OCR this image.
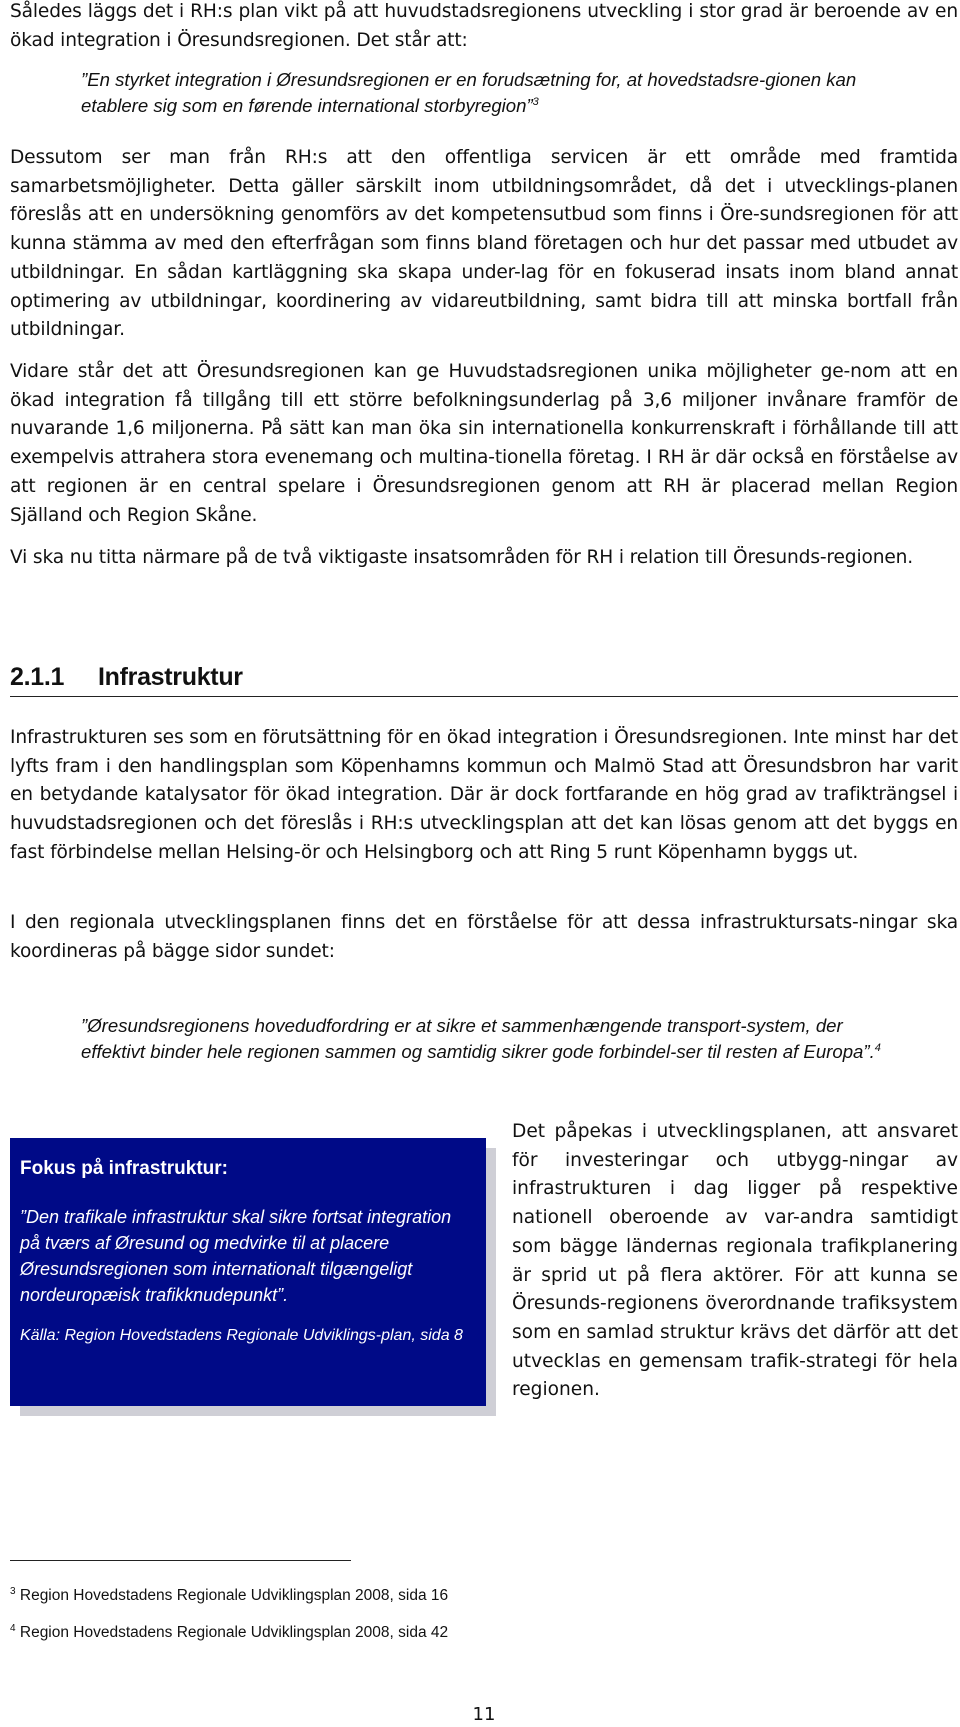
Således läggs det i RH:s plan vikt på att huvudstadsregionens utveckling i stor grad är beroende av en ökad integration i Öresundsregionen. Det står att:

”En styrket integration i Øresundsregionen er en forudsætning for, at hovedstadsre-gionen kan etablere sig som en førende international storbyregion”$^3$

Dessutom ser man från RH:s att den offentliga servicen är ett område med framtida samarbetsmöjligheter. Detta gäller särskilt inom utbildningsområdet, då det i utvecklings-planen föreslås att en undersökning genomförs av det kompetensutbud som finns i Öre-sundsregionen för att kunna stämma av med den efterfrågan som finns bland företagen och hur det passar med utbudet av utbildningar. En sådan kartläggning ska skapa under-lag för en fokuserad insats inom bland annat optimering av utbildningar, koordinering av vidareutbildning, samt bidra till att minska bortfall från utbildningar.

Vidare står det att Öresundsregionen kan ge Huvudstadsregionen unika möjligheter ge-nom att en ökad integration få tillgång till ett större befolkningsunderlag på 3,6 miljoner invånare framför de nuvarande 1,6 miljonerna. På sätt kan man öka sin internationella konkurrenskraft i förhållande till att exempelvis attrahera stora evenemang och multina-tionella företag. I RH är där också en förståelse av att regionen är en central spelare i Öresundsregionen genom att RH är placerad mellan Region Själland och Region Skåne.

Vi ska nu titta närmare på de två viktigaste insatsområden för RH i relation till Öresunds-regionen.

2.1.1 Infrastruktur

Infrastrukturen ses som en förutsättning för en ökad integration i Öresundsregionen. Inte minst har det lyfts fram i den handlingsplan som Köpenhamns kommun och Malmö Stad att Öresundsbron har varit en betydande katalysator för ökad integration. Där är dock fortfarande en hög grad av trafikträngsel i huvudstadsregionen och det föreslås i RH:s utvecklingsplan att det kan lösas genom att det byggs en fast förbindelse mellan Helsing-ör och Helsingborg och att Ring 5 runt Köpenhamn byggs ut.

I den regionala utvecklingsplanen finns det en förståelse för att dessa infrastruktursats-ningar ska koordineras på bägge sidor sundet:

”Øresundsregionens hovedudfordring er at sikre et sammenhængende transport-system, der effektivt binder hele regionen sammen og samtidig sikrer gode forbindel-ser til resten af Europa”.$^4$

Fokus på infrastruktur:

”Den trafikale infrastruktur skal sikre fortsat integration på tværs af Øresund og medvirke til at placere Øresundsregionen som internationalt tilgængeligt nordeuropæisk trafikknudepunkt”.

Källa: Region Hovedstadens Regionale Udviklings-plan, sida 8

Det påpekas i utvecklingsplanen, att ansvaret för investeringar och utbygg-ningar av infrastrukturen i dag ligger på respektive nationell oberoende av var-andra samtidigt som bägge ländernas regionala trafikplanering är sprid ut på flera aktörer. För att kunna se Öresunds-regionens överordnande trafiksystem som en samlad struktur krävs det därför att det utvecklas en gemensam trafik-strategi för hela regionen.

$^3$ Region Hovedstadens Regionale Udviklingsplan 2008, sida 16

$^4$ Region Hovedstadens Regionale Udviklingsplan 2008, sida 42

11
